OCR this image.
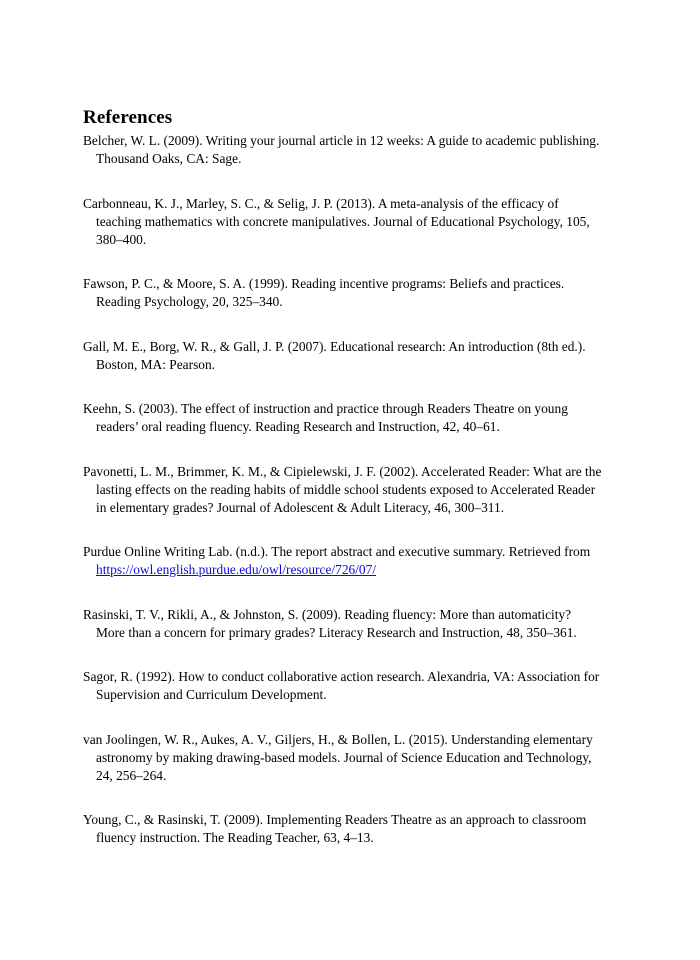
References
Belcher, W. L. (2009). Writing your journal article in 12 weeks: A guide to academic publishing.
Thousand Oaks, CA: Sage.
Carbonneau, K. J., Marley, S. C., & Selig, J. P. (2013). A meta-analysis of the efficacy of
teaching mathematics with concrete manipulatives. Journal of Educational Psychology, 105,
380–400.
Fawson, P. C., & Moore, S. A. (1999). Reading incentive programs: Beliefs and practices.
Reading Psychology, 20, 325–340.
Gall, M. E., Borg, W. R., & Gall, J. P. (2007). Educational research: An introduction (8th ed.).
Boston, MA: Pearson.
Keehn, S. (2003). The effect of instruction and practice through Readers Theatre on young
readers’ oral reading fluency. Reading Research and Instruction, 42, 40–61.
Pavonetti, L. M., Brimmer, K. M., & Cipielewski, J. F. (2002). Accelerated Reader: What are the
lasting effects on the reading habits of middle school students exposed to Accelerated Reader
in elementary grades? Journal of Adolescent & Adult Literacy, 46, 300–311.
Purdue Online Writing Lab. (n.d.). The report abstract and executive summary. Retrieved from
https://owl.english.purdue.edu/owl/resource/726/07/
Rasinski, T. V., Rikli, A., & Johnston, S. (2009). Reading fluency: More than automaticity?
More than a concern for primary grades? Literacy Research and Instruction, 48, 350–361.
Sagor, R. (1992). How to conduct collaborative action research. Alexandria, VA: Association for
Supervision and Curriculum Development.
van Joolingen, W. R., Aukes, A. V., Giljers, H., & Bollen, L. (2015). Understanding elementary
astronomy by making drawing-based models. Journal of Science Education and Technology,
24, 256–264.
Young, C., & Rasinski, T. (2009). Implementing Readers Theatre as an approach to classroom
fluency instruction. The Reading Teacher, 63, 4–13.
